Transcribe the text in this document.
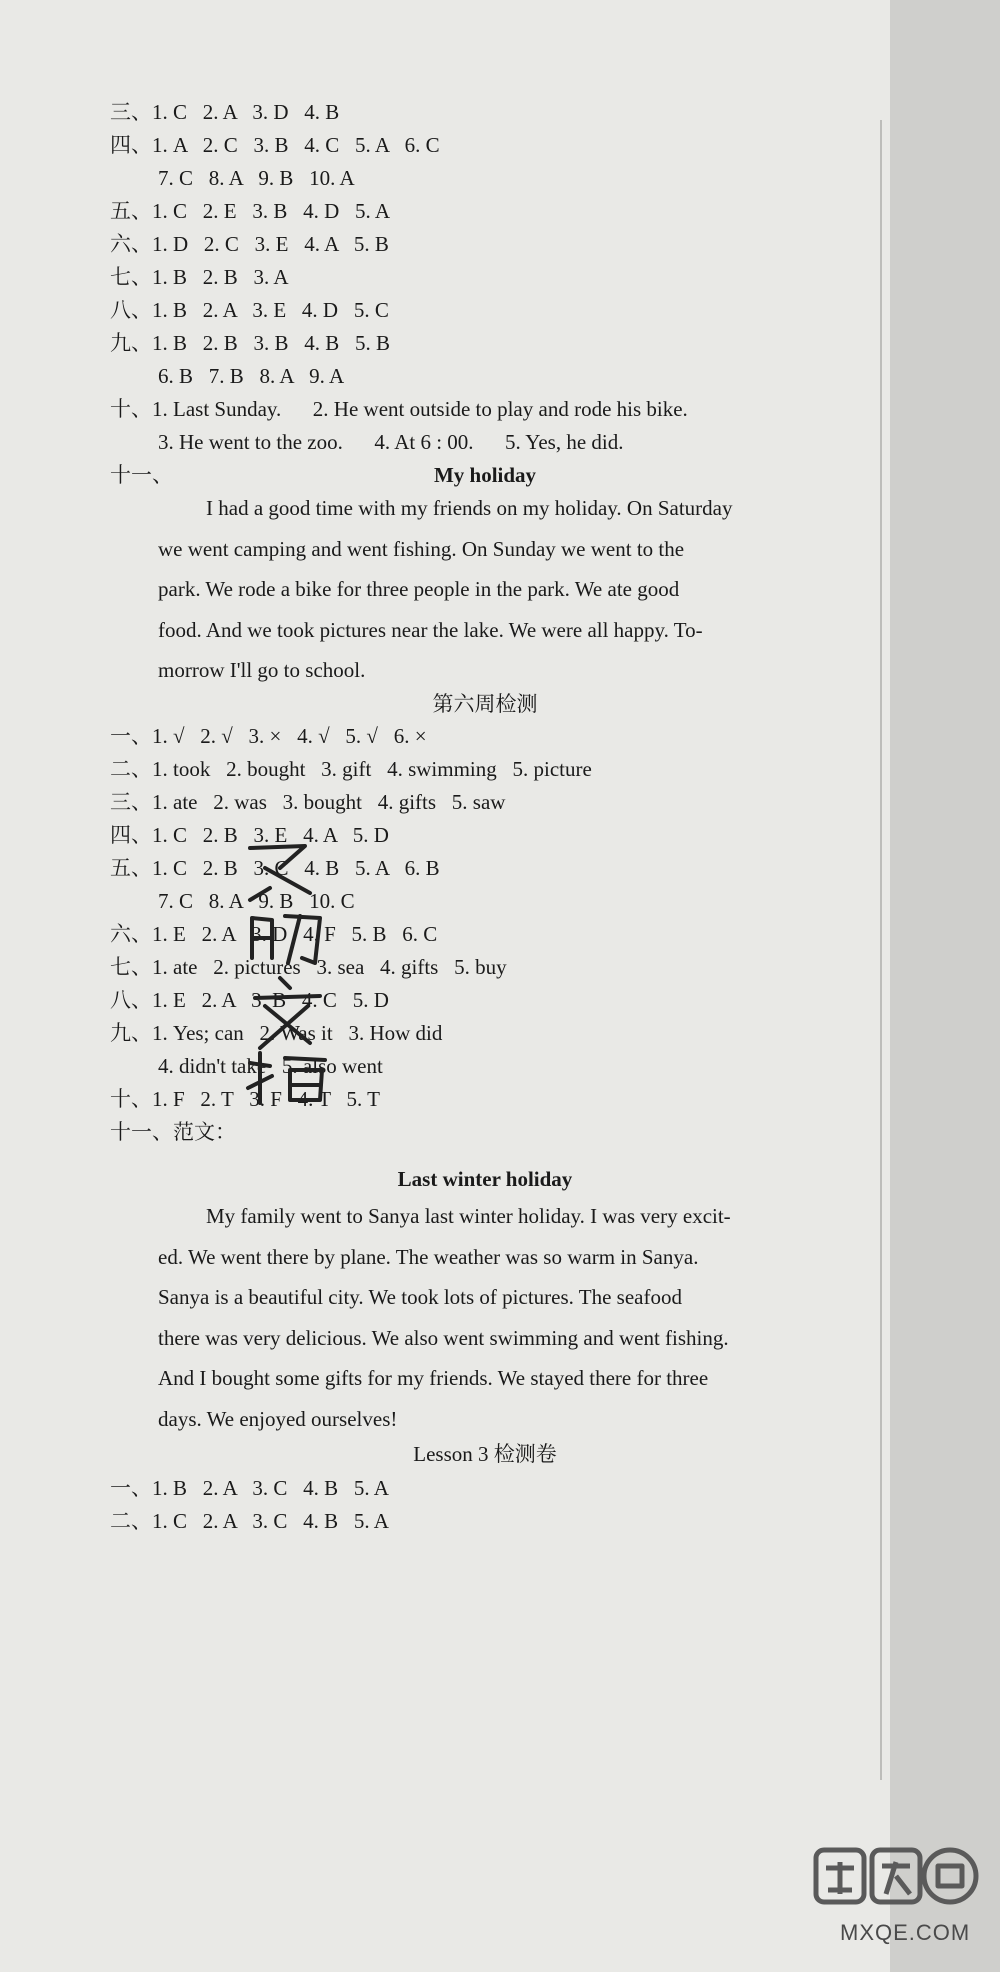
三、1. C   2. A   3. D   4. B
四、1. A   2. C   3. B   4. C   5. A   6. C
7. C   8. A   9. B   10. A
五、1. C   2. E   3. B   4. D   5. A
六、1. D   2. C   3. E   4. A   5. B
七、1. B   2. B   3. A
八、1. B   2. A   3. E   4. D   5. C
九、1. B   2. B   3. B   4. B   5. B
6. B   7. B   8. A   9. A
十、1. Last Sunday.      2. He went outside to play and rode his bike.
3. He went to the zoo.      4. At 6 : 00.      5. Yes, he did.
十一、	My holiday
I had a good time with my friends on my holiday. On Saturday
we went camping and went fishing. On Sunday we went to the
park. We rode a bike for three people in the park. We ate good
food. And we took pictures near the lake. We were all happy. To-
morrow I'll go to school.
第六周检测
一、1. √   2. √   3. ×   4. √   5. √   6. ×
二、1. took   2. bought   3. gift   4. swimming   5. picture
三、1. ate   2. was   3. bought   4. gifts   5. saw
四、1. C   2. B   3. E   4. A   5. D
五、1. C   2. B   3. C   4. B   5. A   6. B
7. C   8. A   9. B   10. C
六、1. E   2. A   3. D   4. F   5. B   6. C
七、1. ate   2. pictures   3. sea   4. gifts   5. buy
八、1. E   2. A   3. B   4. C   5. D
九、1. Yes; can   2. Was it   3. How did
4. didn't take   5. also went
十、1. F   2. T   3. F   4. T   5. T
十一、范文：
Last winter holiday
My family went to Sanya last winter holiday. I was very excit-
ed. We went there by plane. The weather was so warm in Sanya.
Sanya is a beautiful city. We took lots of pictures. The seafood
there was very delicious. We also went swimming and went fishing.
And I bought some gifts for my friends. We stayed there for three
days. We enjoyed ourselves!
Lesson 3 检测卷
一、1. B   2. A   3. C   4. B   5. A
二、1. C   2. A   3. C   4. B   5. A
MXQE.COM
